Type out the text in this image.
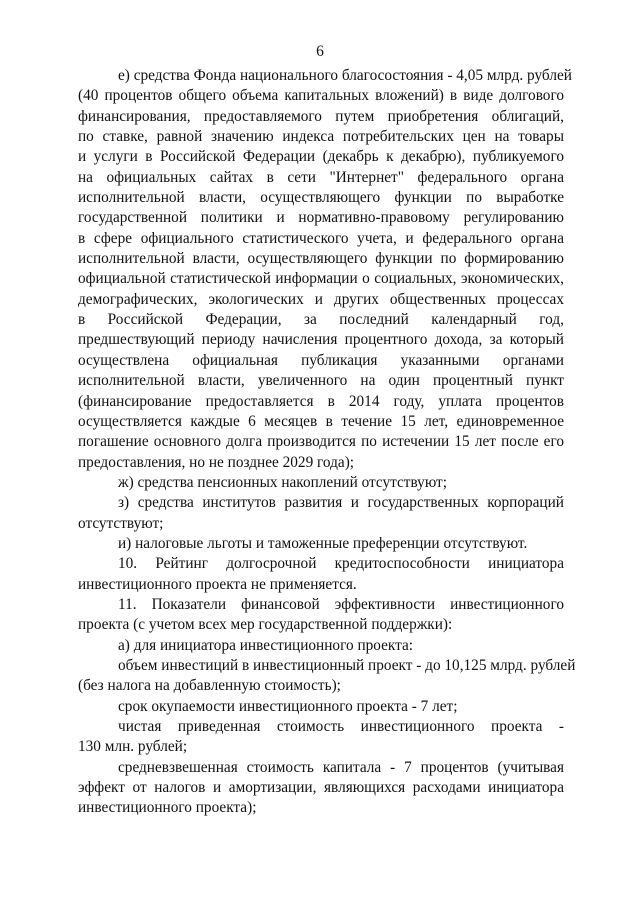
6
е) средства Фонда национального благосостояния - 4,05 млрд. рублей
(40 процентов общего объема капитальных вложений) в виде долгового
финансирования, предоставляемого путем приобретения облигаций,
по ставке, равной значению индекса потребительских цен на товары
и услуги в Российской Федерации (декабрь к декабрю), публикуемого
на официальных сайтах в сети "Интернет" федерального органа
исполнительной власти, осуществляющего функции по выработке
государственной политики и нормативно-правовому регулированию
в сфере официального статистического учета, и федерального органа
исполнительной власти, осуществляющего функции по формированию
официальной статистической информации о социальных, экономических,
демографических, экологических и других общественных процессах
в Российской Федерации, за последний календарный год,
предшествующий периоду начисления процентного дохода, за который
осуществлена официальная публикация указанными органами
исполнительной власти, увеличенного на один процентный пункт
(финансирование предоставляется в 2014 году, уплата процентов
осуществляется каждые 6 месяцев в течение 15 лет, единовременное
погашение основного долга производится по истечении 15 лет после его
предоставления, но не позднее 2029 года);
ж) средства пенсионных накоплений отсутствуют;
з) средства институтов развития и государственных корпораций
отсутствуют;
и) налоговые льготы и таможенные преференции отсутствуют.
10. Рейтинг долгосрочной кредитоспособности инициатора
инвестиционного проекта не применяется.
11. Показатели финансовой эффективности инвестиционного
проекта (с учетом всех мер государственной поддержки):
а) для инициатора инвестиционного проекта:
объем инвестиций в инвестиционный проект - до 10,125 млрд. рублей
(без налога на добавленную стоимость);
срок окупаемости инвестиционного проекта - 7 лет;
чистая приведенная стоимость инвестиционного проекта -
130 млн. рублей;
средневзвешенная стоимость капитала - 7 процентов (учитывая
эффект от налогов и амортизации, являющихся расходами инициатора
инвестиционного проекта);
